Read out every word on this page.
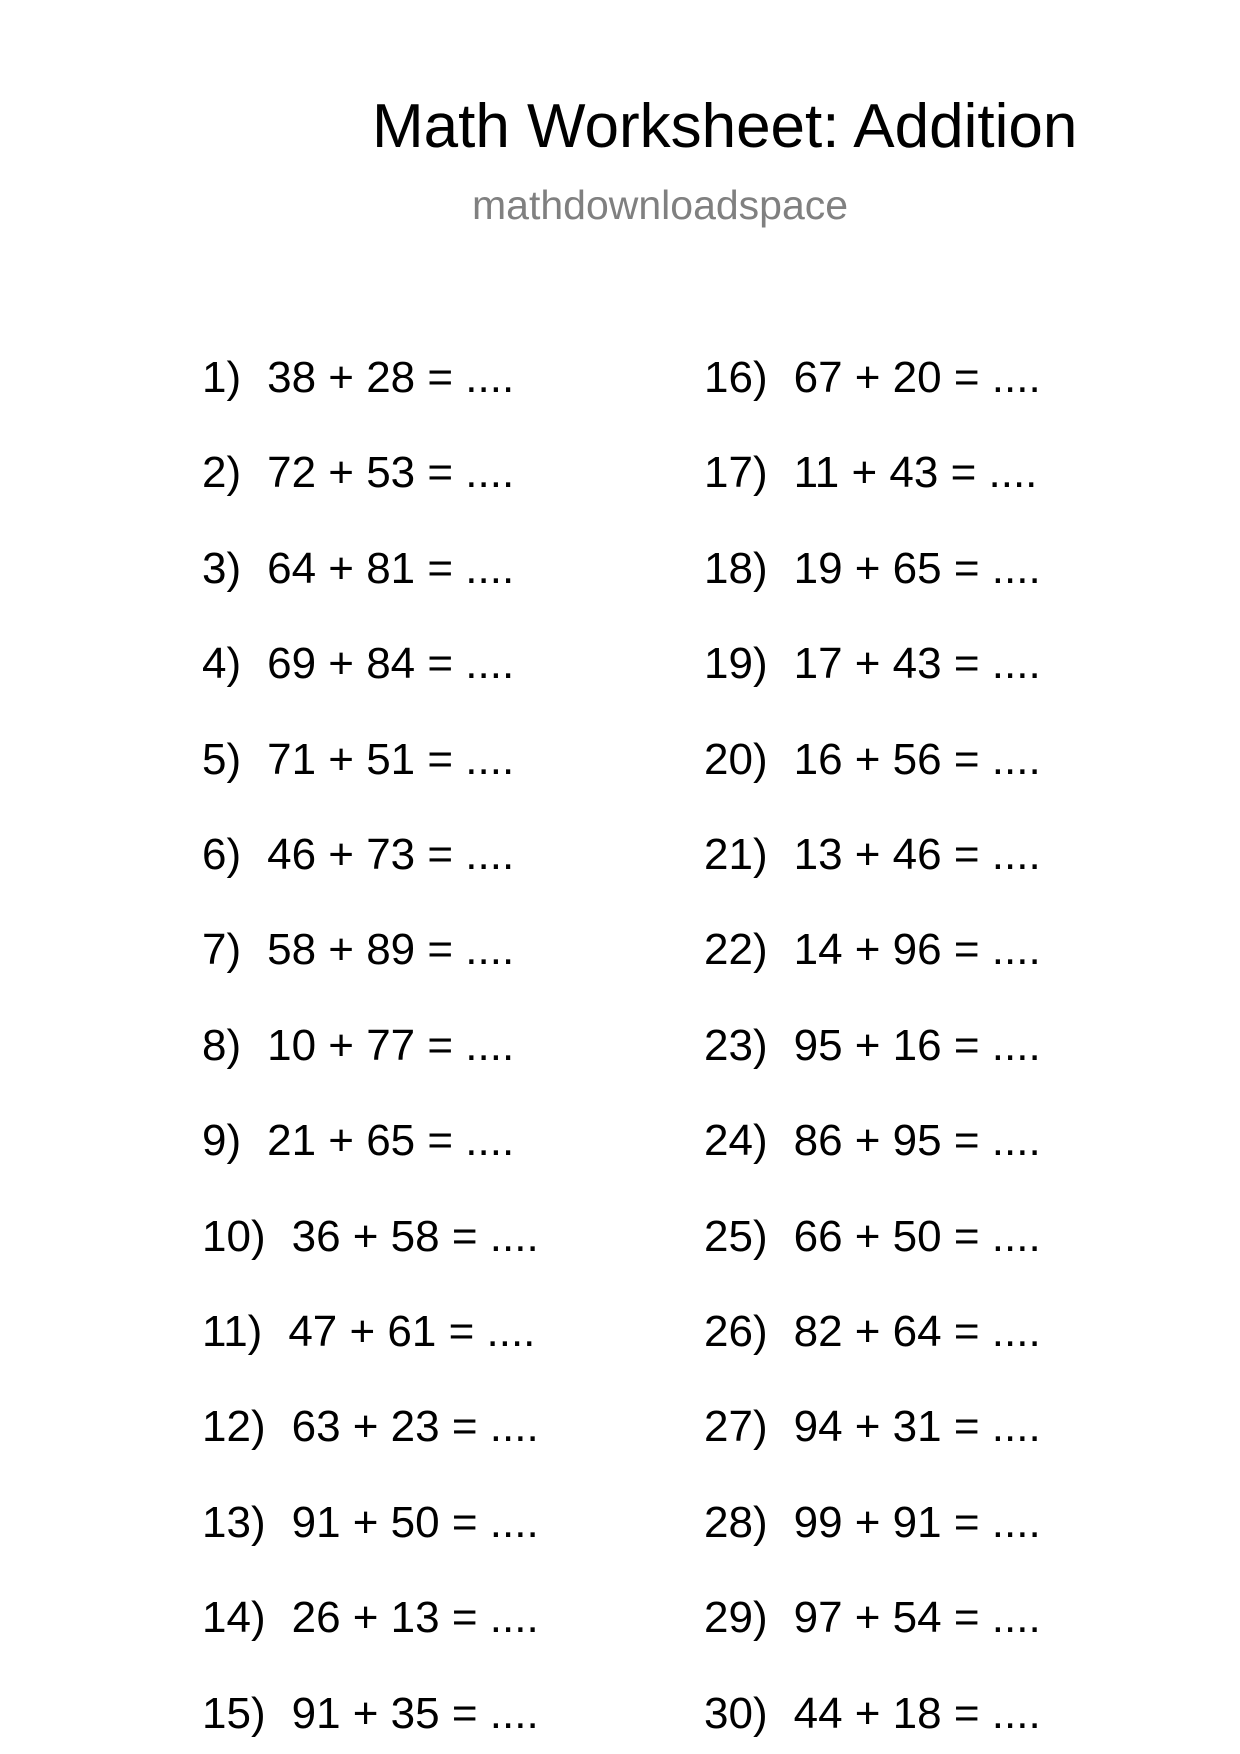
Math Worksheet: Addition
mathdownloadspace
1) 38 + 28 = ....
2) 72 + 53 = ....
3) 64 + 81 = ....
4) 69 + 84 = ....
5) 71 + 51 = ....
6) 46 + 73 = ....
7) 58 + 89 = ....
8) 10 + 77 = ....
9) 21 + 65 = ....
10) 36 + 58 = ....
11) 47 + 61 = ....
12) 63 + 23 = ....
13) 91 + 50 = ....
14) 26 + 13 = ....
15) 91 + 35 = ....
16) 67 + 20 = ....
17) 11 + 43 = ....
18) 19 + 65 = ....
19) 17 + 43 = ....
20) 16 + 56 = ....
21) 13 + 46 = ....
22) 14 + 96 = ....
23) 95 + 16 = ....
24) 86 + 95 = ....
25) 66 + 50 = ....
26) 82 + 64 = ....
27) 94 + 31 = ....
28) 99 + 91 = ....
29) 97 + 54 = ....
30) 44 + 18 = ....
